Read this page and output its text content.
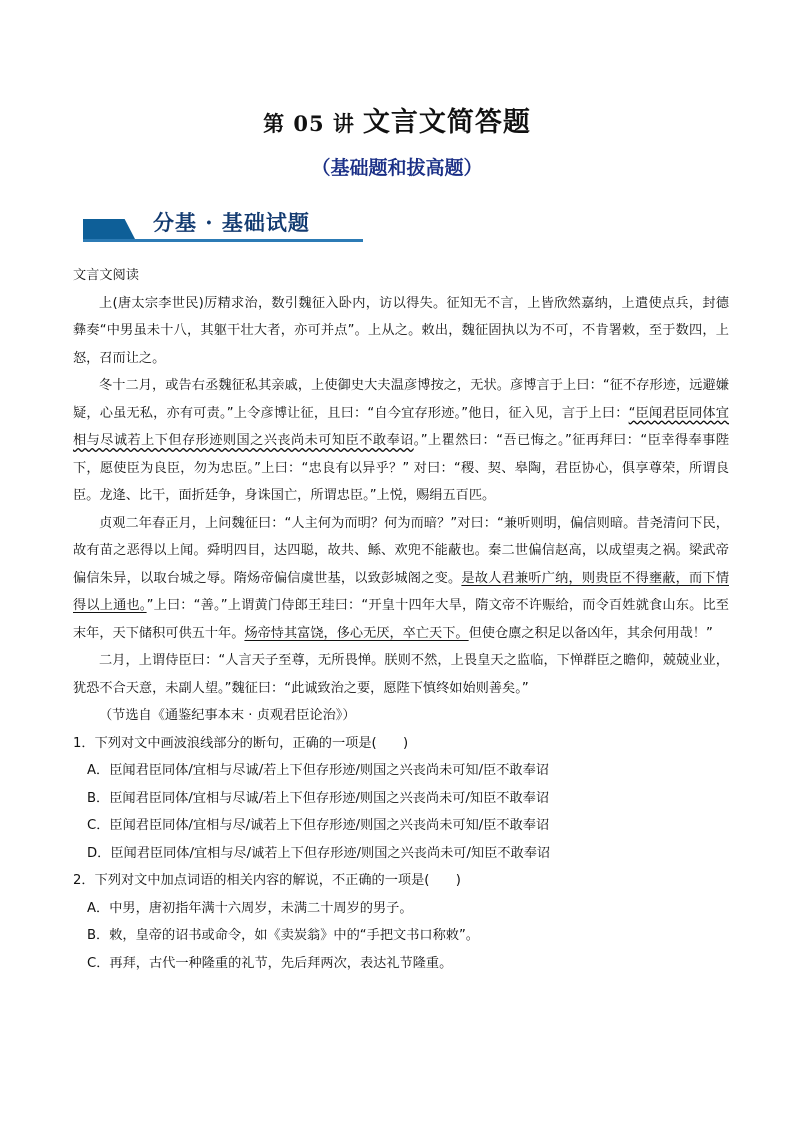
第 05 讲 文言文简答题
（基础题和拔高题）
分基 · 基础试题

文言文阅读

上(唐太宗李世民)厉精求治，数引魏征入卧内，访以得失。征知无不言，上皆欣然嘉纳，上遣使点兵，封德彝奏“中男虽未十八，其躯干壮大者，亦可并点”。上从之。敕出，魏征固执以为不可，不肯署敕，至于数四，上怒，召而让之。

冬十二月，或告右丞魏征私其亲戚，上使御史大夫温彦博按之，无状。彦博言于上曰：“征不存形迹，远避嫌疑，心虽无私，亦有可责。”上令彦博让征，且曰：“自今宜存形迹。”他日，征入见，言于上曰：“臣闻君臣同体宜相与尽诚若上下但存形迹则国之兴丧尚未可知臣不敢奉诏。”上瞿然曰：“吾已悔之。”征再拜曰：“臣幸得奉事陛下，愿使臣为良臣，勿为忠臣。”上曰：“忠良有以异乎？” 对曰：“稷、契、皋陶，君臣协心，俱享尊荣，所谓良臣。龙逄、比干，面折廷争，身诛国亡，所谓忠臣。”上悦，赐绢五百匹。

贞观二年春正月，上问魏征曰：“人主何为而明？何为而暗？”对曰：“兼听则明，偏信则暗。昔尧清问下民，故有苗之恶得以上闻。舜明四目，达四聪，故共、鲧、欢兜不能蔽也。秦二世偏信赵高，以成望夷之祸。梁武帝偏信朱异，以取台城之辱。隋炀帝偏信虞世基，以致彭城阁之变。是故人君兼听广纳，则贵臣不得壅蔽，而下情得以上通也。”上曰：“善。”上谓黄门侍郎王珪曰：“开皇十四年大旱，隋文帝不许赈给，而令百姓就食山东。比至末年，天下储积可供五十年。炀帝恃其富饶，侈心无厌，卒亡天下。但使仓廪之积足以备凶年，其余何用哉！”

二月，上谓侍臣曰：“人言天子至尊，无所畏惮。朕则不然，上畏皇天之监临，下惮群臣之瞻仰，兢兢业业，犹恐不合天意，未副人望。”魏征曰：“此诚致治之要，愿陛下慎终如始则善矣。”

（节选自《通鉴纪事本末 · 贞观君臣论治》）

1．下列对文中画波浪线部分的断句，正确的一项是(　　)

A．臣闻君臣同体/宜相与尽诚/若上下但存形迹/则国之兴丧尚未可知/臣不敢奉诏

B．臣闻君臣同体/宜相与尽诚/若上下但存形迹/则国之兴丧尚未可/知臣不敢奉诏

C．臣闻君臣同体/宜相与尽/诚若上下但存形迹/则国之兴丧尚未可知/臣不敢奉诏

D．臣闻君臣同体/宜相与尽/诚若上下但存形迹/则国之兴丧尚未可/知臣不敢奉诏

2．下列对文中加点词语的相关内容的解说，不正确的一项是(　　)

A．中男，唐初指年满十六周岁，未满二十周岁的男子。

B．敕，皇帝的诏书或命令，如《卖炭翁》中的“手把文书口称敕”。

C．再拜，古代一种隆重的礼节，先后拜两次，表达礼节隆重。
